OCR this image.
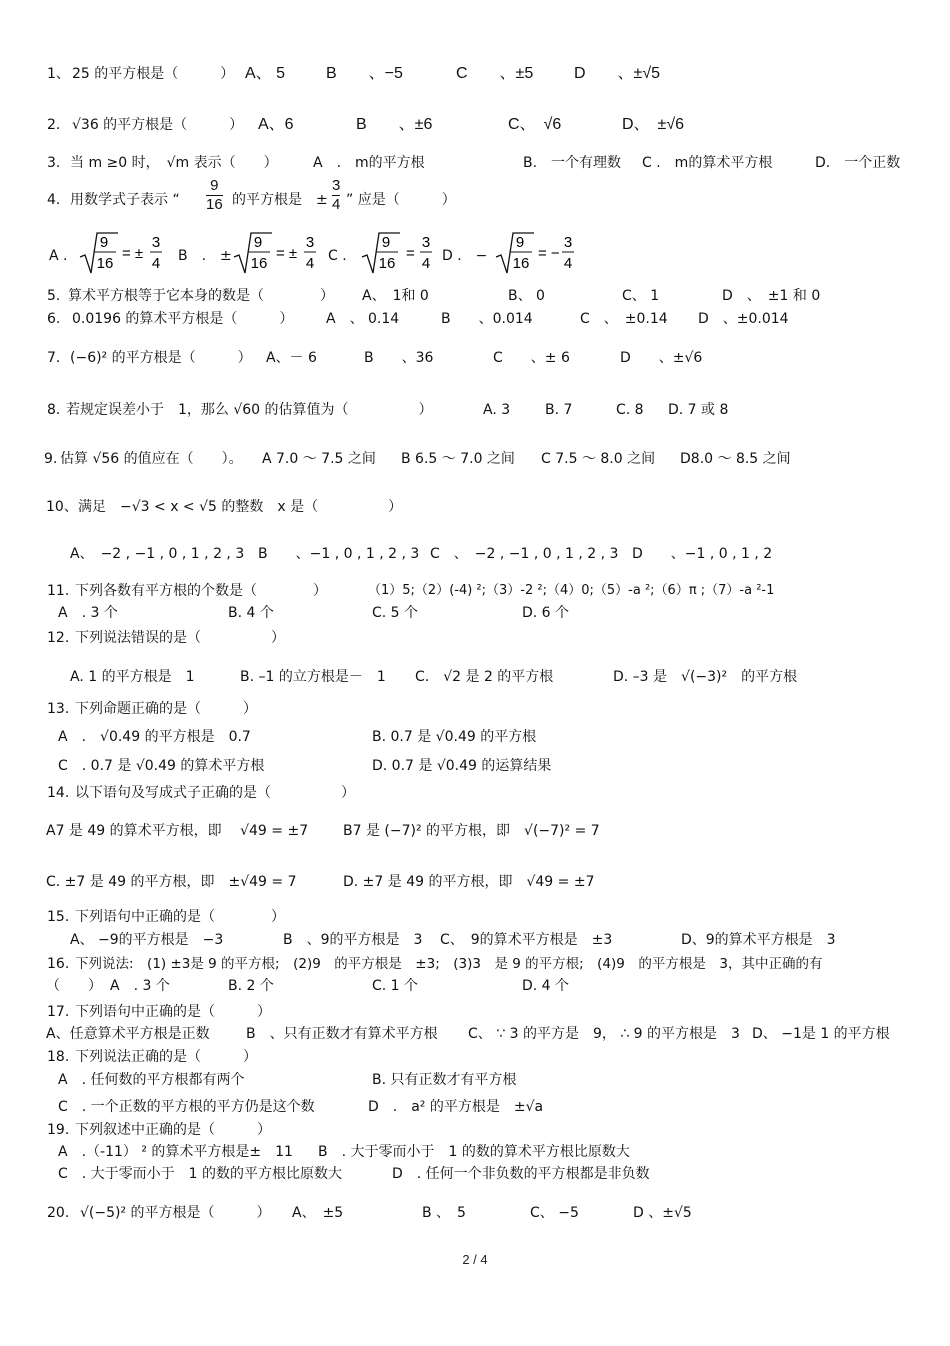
1、 25 的平方根是（　　　） A、 5	B　　、−5	C　　、±5	D　　、±√5
2. √36 的平方根是（　　　） A、6	B　　、±6	C、　√6	D、　±√6
3. 当 m ≥0 时，　√m 表示（　　）	A　.　m的平方根	B.　一个有理数 C .　m的算术平方根	D.　一个正数
4. 用数学式子表示 “
9
16 的平方根是　±
3
4 ” 应是（　　　）
A .
9
16
= ±
3
4 B　.　±
9
16
= ±
3
4 C .
9
16
=
3
4 D .　−
9
16
= −
3
4
5. 算术平方根等于它本身的数是（　　　　） A、　1和 0	B、 0	C、 1	D　、　±1 和 0
6. 0.0196 的算术平方根是（　　　） A　、 0.14	B　　、0.014	C　、　±0.14 D　、±0.014
7. (−6)² 的平方根是（　　　） A、－ 6	B　　、36	C　　、± 6	D　　、±√6
8. 若规定误差小于　1，那么 √60 的估算值为（　　　　　）	A. 3 B. 7	C. 8 D. 7 或 8
9. 估算 √56 的值应在（　　）。 A 7.0 ～ 7.5 之间 B 6.5 ～ 7.0 之间 C 7.5 ～ 8.0 之间 D8.0 ～ 8.5 之间
10、 满足　−√3 < x < √5 的整数　x 是（　　　　　）
A、　−2 , −1 , 0 , 1 , 2 , 3 B　　、−1 , 0 , 1 , 2 , 3 C　、　−2 , −1 , 0 , 1 , 2 , 3 D　　、−1 , 0 , 1 , 2
11. 下列各数有平方根的个数是（　　　　）	（1）5;（2）(-4) ²;（3）-2 ²;（4）0;（5）-a ²;（6）π ;（7）-a ²-1
A　. 3 个	B. 4 个	C. 5 个	D. 6 个
12. 下列说法错误的是（　　　　　）
A. 1 的平方根是　1	B. –1 的立方根是－　1 C.　√2 是 2 的平方根	D. –3 是　√(−3)²　的平方根
13. 下列命题正确的是（　　　）
A　.　√0.49 的平方根是　0.7	B. 0.7 是 √0.49 的平方根
C　. 0.7 是 √0.49 的算术平方根	D. 0.7 是 √0.49 的运算结果
14. 以下语句及写成式子正确的是（　　　　　）
A7 是 49 的算术平方根，即　 √49 = ±7 B7 是 (−7)² 的平方根，即　√(−7)² = 7
C. ±7 是 49 的平方根，即　±√49 = 7	D. ±7 是 49 的平方根，即　√49 = ±7
15. 下列语句中正确的是（　　　　）
A、 −9的平方根是　−3	B　、9的平方根是　3 C、　9的算术平方根是　±3	D、9的算术平方根是　3
16. 下列说法:　(1) ±3是 9 的平方根;　(2)9　的平方根是　±3;　(3)3　是 9 的平方根;　(4)9　的平方根是　3，其中正确的有
（　　） A　. 3 个	B. 2 个	C. 1 个	D. 4 个
17. 下列语句中正确的是（　　　）
A、任意算术平方根是正数	B　、只有正数才有算术平方根 C、 ∵ 3 的平方是　9， ∴ 9 的平方根是　3 D、 −1是 1 的平方根
18. 下列说法正确的是（　　　）
A　. 任何数的平方根都有两个	B. 只有正数才有平方根
C　. 一个正数的平方根的平方仍是这个数	D　.　a² 的平方根是　±√a
19. 下列叙述中正确的是（　　　）
A　.（-11） ² 的算术平方根是±　11 B　. 大于零而小于　1 的数的算术平方根比原数大
C　. 大于零而小于　1 的数的平方根比原数大	D　. 任何一个非负数的平方根都是非负数
20. √(−5)² 的平方根是（　　　） A、　±5	B 、　5	C、 −5	D 、±√5
2 / 4
